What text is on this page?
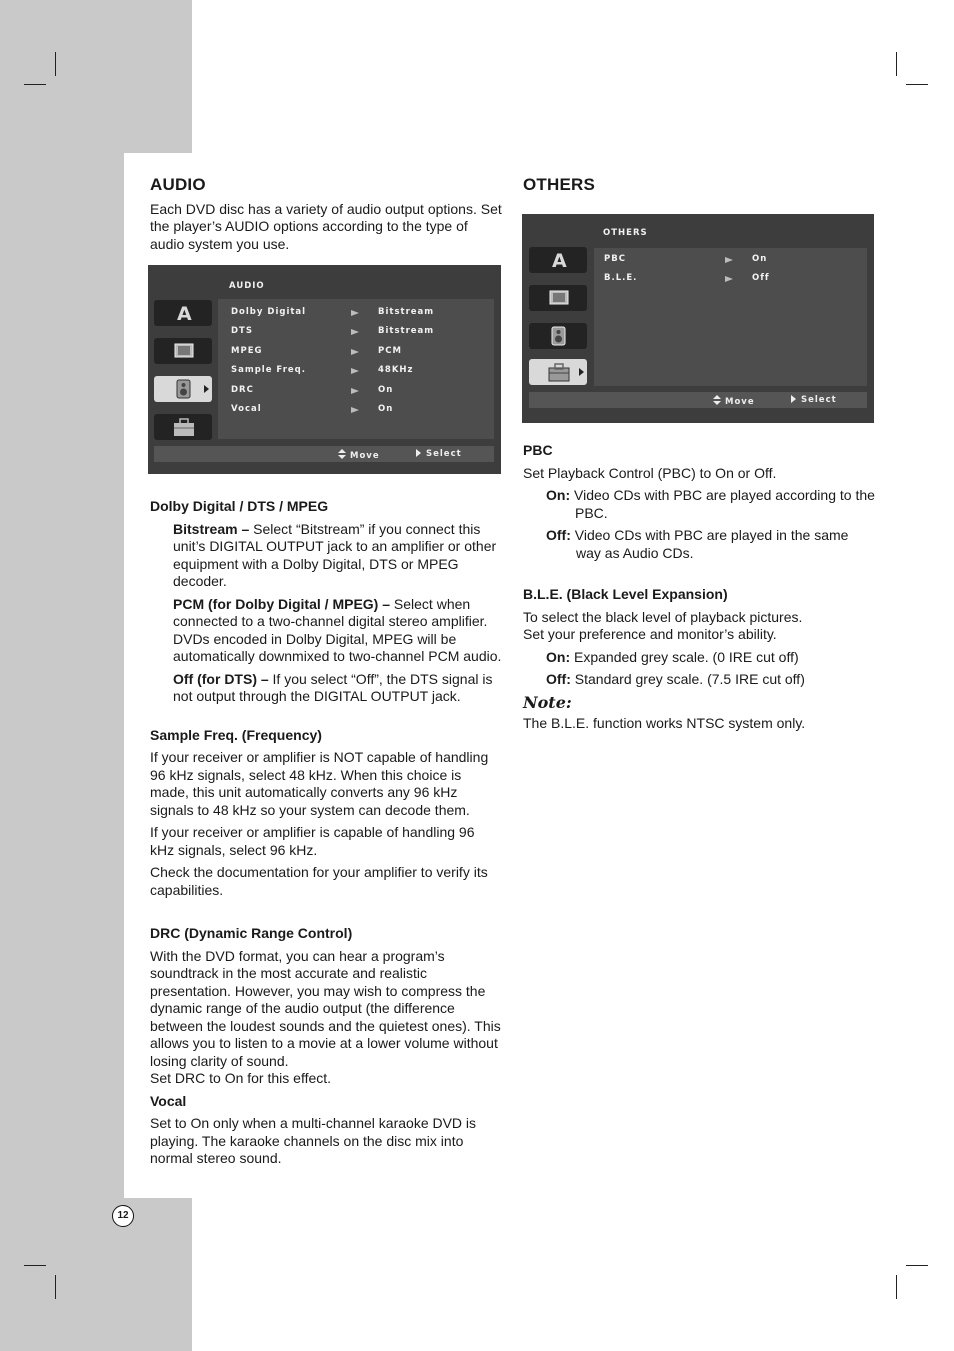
AUDIO

Each DVD disc has a variety of audio output options. Set the player’s AUDIO options according to the type of audio system you use.

AUDIO
A	Dolby Digital	Bitstream
DTS	Bitstream
MPEG	PCM
Sample Freq.	48KHz
DRC	On
Vocal	On
Move	Select

Dolby Digital / DTS / MPEG

Bitstream – Select “Bitstream” if you connect this unit’s DIGITAL OUTPUT jack to an amplifier or other equipment with a Dolby Digital, DTS or MPEG decoder.

PCM (for Dolby Digital / MPEG) – Select when connected to a two-channel digital stereo amplifier. DVDs encoded in Dolby Digital, MPEG will be automatically downmixed to two-channel PCM audio.

Off (for DTS) – If you select “Off”, the DTS signal is not output through the DIGITAL OUTPUT jack.

Sample Freq. (Frequency)

If your receiver or amplifier is NOT capable of handling 96 kHz signals, select 48 kHz. When this choice is made, this unit automatically converts any 96 kHz signals to 48 kHz so your system can decode them.

If your receiver or amplifier is capable of handling 96 kHz signals, select 96 kHz.

Check the documentation for your amplifier to verify its capabilities.

DRC (Dynamic Range Control)

With the DVD format, you can hear a program’s soundtrack in the most accurate and realistic presentation. However, you may wish to compress the dynamic range of the audio output (the difference between the loudest sounds and the quietest ones). This allows you to listen to a movie at a lower volume without losing clarity of sound.

Set DRC to On for this effect.

Vocal

Set to On only when a multi-channel karaoke DVD is playing. The karaoke channels on the disc mix into normal stereo sound.

OTHERS

OTHERS
A	PBC	On
B.L.E.	Off
Move	Select

PBC

Set Playback Control (PBC) to On or Off.

On: Video CDs with PBC are played according to the PBC.

Off: Video CDs with PBC are played in the same way as Audio CDs.

B.L.E. (Black Level Expansion)

To select the black level of playback pictures.

Set your preference and monitor’s ability.

On: Expanded grey scale. (0 IRE cut off)

Off: Standard grey scale. (7.5 IRE cut off)

Note:

The B.L.E. function works NTSC system only.

12
